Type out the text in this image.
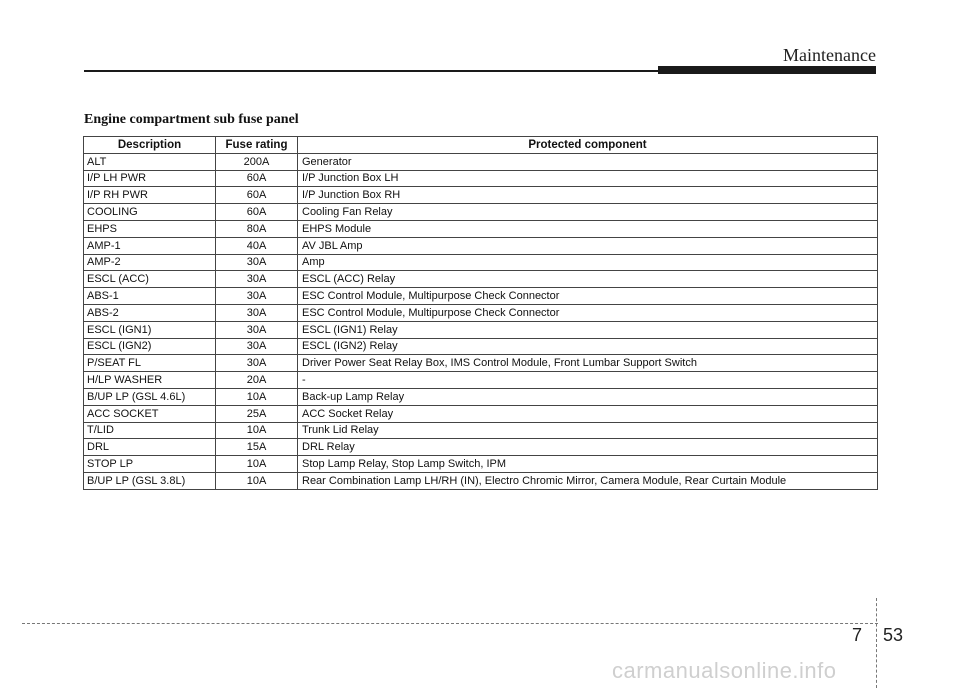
Maintenance
Engine compartment sub fuse panel
Description	Fuse rating	Protected component
ALT	200A	Generator
I/P LH PWR	60A	I/P Junction Box LH
I/P RH PWR	60A	I/P Junction Box RH
COOLING	60A	Cooling Fan Relay
EHPS	80A	EHPS Module
AMP-1	40A	AV JBL Amp
AMP-2	30A	Amp
ESCL (ACC)	30A	ESCL (ACC) Relay
ABS-1	30A	ESC Control Module, Multipurpose Check Connector
ABS-2	30A	ESC Control Module, Multipurpose Check Connector
ESCL (IGN1)	30A	ESCL (IGN1) Relay
ESCL (IGN2)	30A	ESCL (IGN2) Relay
P/SEAT FL	30A	Driver Power Seat Relay Box, IMS Control Module, Front Lumbar Support Switch
H/LP WASHER	20A	-
B/UP LP (GSL 4.6L)	10A	Back-up Lamp Relay
ACC SOCKET	25A	ACC Socket Relay
T/LID	10A	Trunk Lid Relay
DRL	15A	DRL Relay
STOP LP	10A	Stop Lamp Relay, Stop Lamp Switch, IPM
B/UP LP (GSL 3.8L)	10A	Rear Combination Lamp LH/RH (IN), Electro Chromic Mirror, Camera Module, Rear Curtain Module
7 53
carmanualsonline.info
